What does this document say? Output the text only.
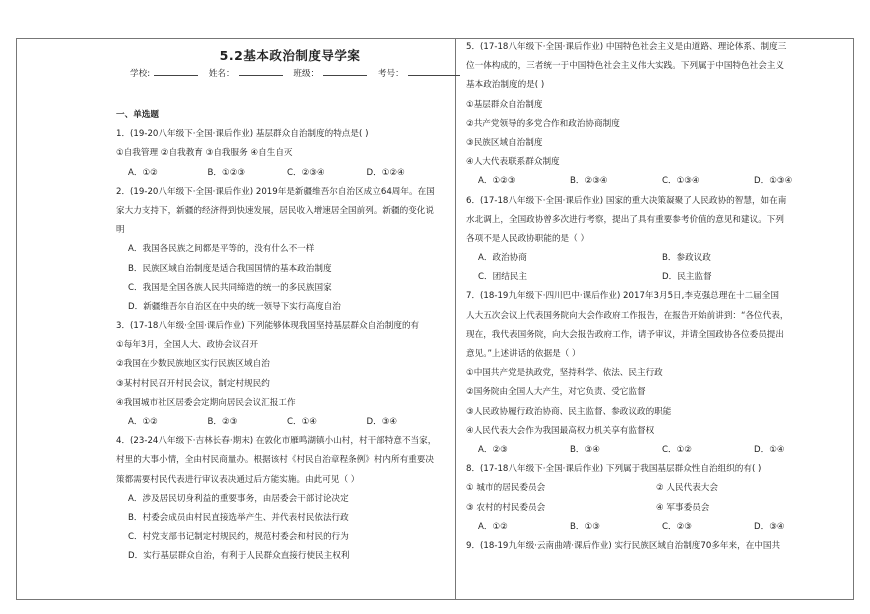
5.2基本政治制度导学案
学校:	姓名：	班级：	考号：
一、单选题
1．(19-20八年级下·全国·课后作业) 基层群众自治制度的特点是( )
①自我管理 ②自我教育 ③自我服务 ④自生自灭
A．①②	B．①②③	C．②③④	D．①②④
2．(19-20八年级下·全国·课后作业) 2019年是新疆维吾尔自治区成立64周年。在国
家大力支持下，新疆的经济得到快速发展，居民收入增速居全国前列。新疆的变化说
明
A．我国各民族之间都是平等的，没有什么不一样
B．民族区域自治制度是适合我国国情的基本政治制度
C．我国是全国各族人民共同缔造的统一的多民族国家
D．新疆维吾尔自治区在中央的统一领导下实行高度自治
3．(17-18八年级·全国·课后作业) 下列能够体现我国坚持基层群众自治制度的有
①每年3月，全国人大、政协会议召开
②我国在少数民族地区实行民族区域自治
③某村村民召开村民会议，制定村规民约
④我国城市社区居委会定期向居民会议汇报工作
A．①②	B．②③	C．①④	D．③④
4．(23-24八年级下·吉林长春·期末) 在敦化市雁鸣湖镇小山村，村干部特意不当家，
村里的大事小情，全由村民商量办。根据该村《村民自治章程条例》村内所有重要决
策都需要村民代表进行审议表决通过后方能实施。由此可见（ ）
A．涉及居民切身利益的重要事务，由居委会干部讨论决定
B．村委会成员由村民直接选举产生、并代表村民依法行政
C．村党支部书记制定村规民约，规范村委会和村民的行为
D．实行基层群众自治，有利于人民群众直接行使民主权利
5．(17-18八年级下·全国·课后作业) 中国特色社会主义是由道路、理论体系、制度三
位一体构成的，三者统一于中国特色社会主义伟大实践。下列属于中国特色社会主义
基本政治制度的是( )
①基层群众自治制度
②共产党领导的多党合作和政治协商制度
③民族区域自治制度
④人大代表联系群众制度
A．①②③	B．②③④	C．①③④	D．①③④
6．(17-18八年级下·全国·课后作业) 国家的重大决策凝聚了人民政协的智慧，如在南
水北调上，全国政协曾多次进行考察，提出了具有重要参考价值的意见和建议。下列
各项不是人民政协职能的是（ ）
A．政治协商	B．参政议政
C．团结民主	D．民主监督
7．(18-19九年级下·四川巴中·课后作业) 2017年3月5日,李克强总理在十二届全国
人大五次会议上代表国务院向大会作政府工作报告，在报告开始前讲到：“各位代表，
现在，我代表国务院，向大会报告政府工作，请予审议，并请全国政协各位委员提出
意见。”上述讲话的依据是（ ）
①中国共产党是执政党，坚持科学、依法、民主行政
②国务院由全国人大产生，对它负责、受它监督
③人民政协履行政治协商、民主监督、参政议政的职能
④人民代表大会作为我国最高权力机关享有监督权
A．②③	B．③④	C．①②	D．①④
8．(17-18八年级下·全国·课后作业) 下列属于我国基层群众性自治组织的有( )
① 城市的居民委员会	② 人民代表大会
③ 农村的村民委员会	④ 军事委员会
A．①②	B．①③	C．②③	D．③④
9．(18-19九年级·云南曲靖·课后作业) 实行民族区域自治制度70多年来，在中国共
